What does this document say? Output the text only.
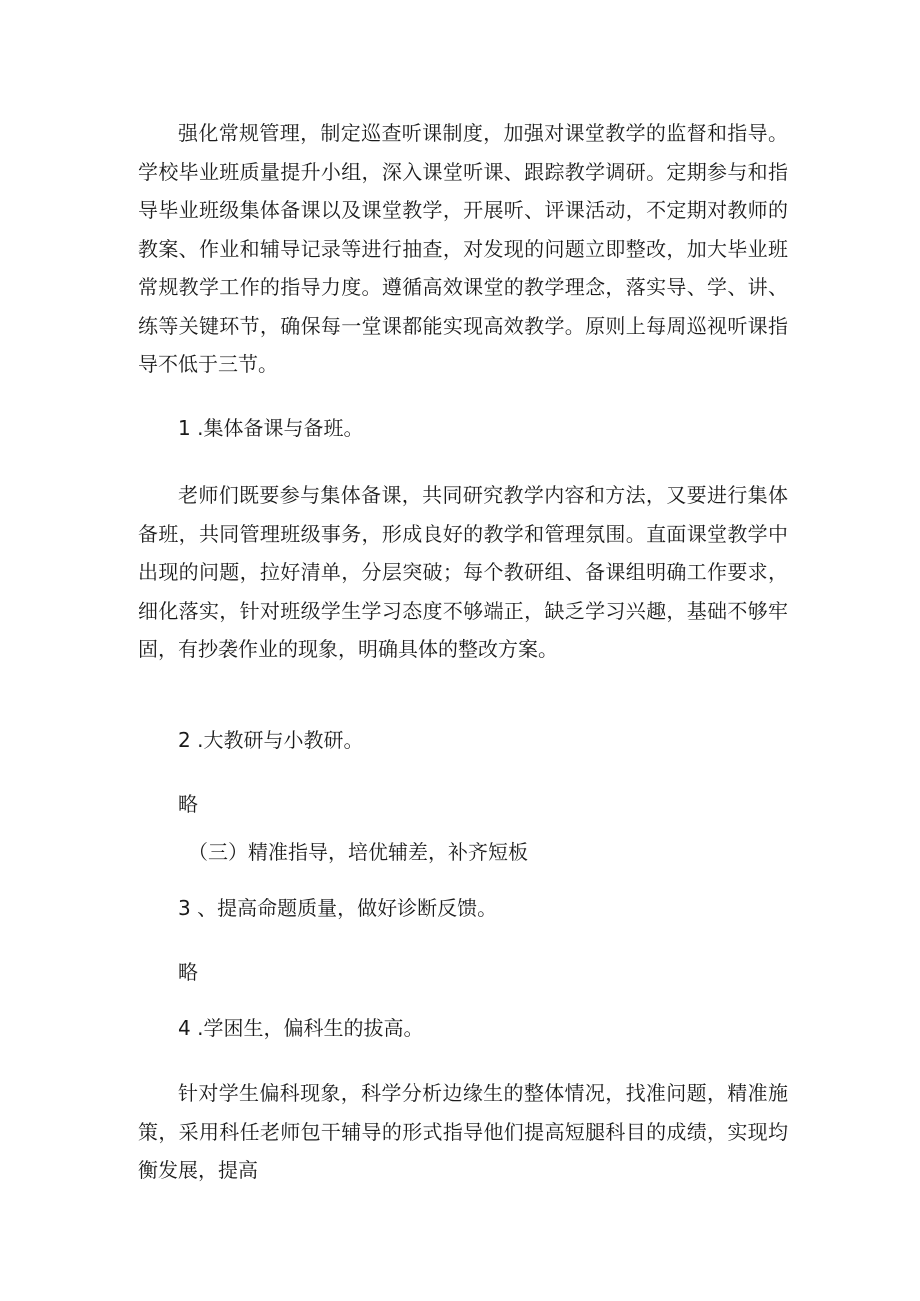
强化常规管理，制定巡查听课制度，加强对课堂教学的监督和指导。学校毕业班质量提升小组，深入课堂听课、跟踪教学调研。定期参与和指导毕业班级集体备课以及课堂教学，开展听、评课活动，不定期对教师的教案、作业和辅导记录等进行抽查，对发现的问题立即整改，加大毕业班常规教学工作的指导力度。遵循高效课堂的教学理念，落实导、学、讲、练等关键环节，确保每一堂课都能实现高效教学。原则上每周巡视听课指导不低于三节。

1 .集体备课与备班。

老师们既要参与集体备课，共同研究教学内容和方法，又要进行集体备班，共同管理班级事务，形成良好的教学和管理氛围。直面课堂教学中出现的问题，拉好清单，分层突破；每个教研组、备课组明确工作要求，细化落实，针对班级学生学习态度不够端正，缺乏学习兴趣，基础不够牢固，有抄袭作业的现象，明确具体的整改方案。

2 .大教研与小教研。

略

（三）精准指导，培优辅差，补齐短板

3 、提高命题质量，做好诊断反馈。

略

4 .学困生，偏科生的拔高。

针对学生偏科现象，科学分析边缘生的整体情况，找准问题，精准施策，采用科任老师包干辅导的形式指导他们提高短腿科目的成绩，实现均衡发展，提高
